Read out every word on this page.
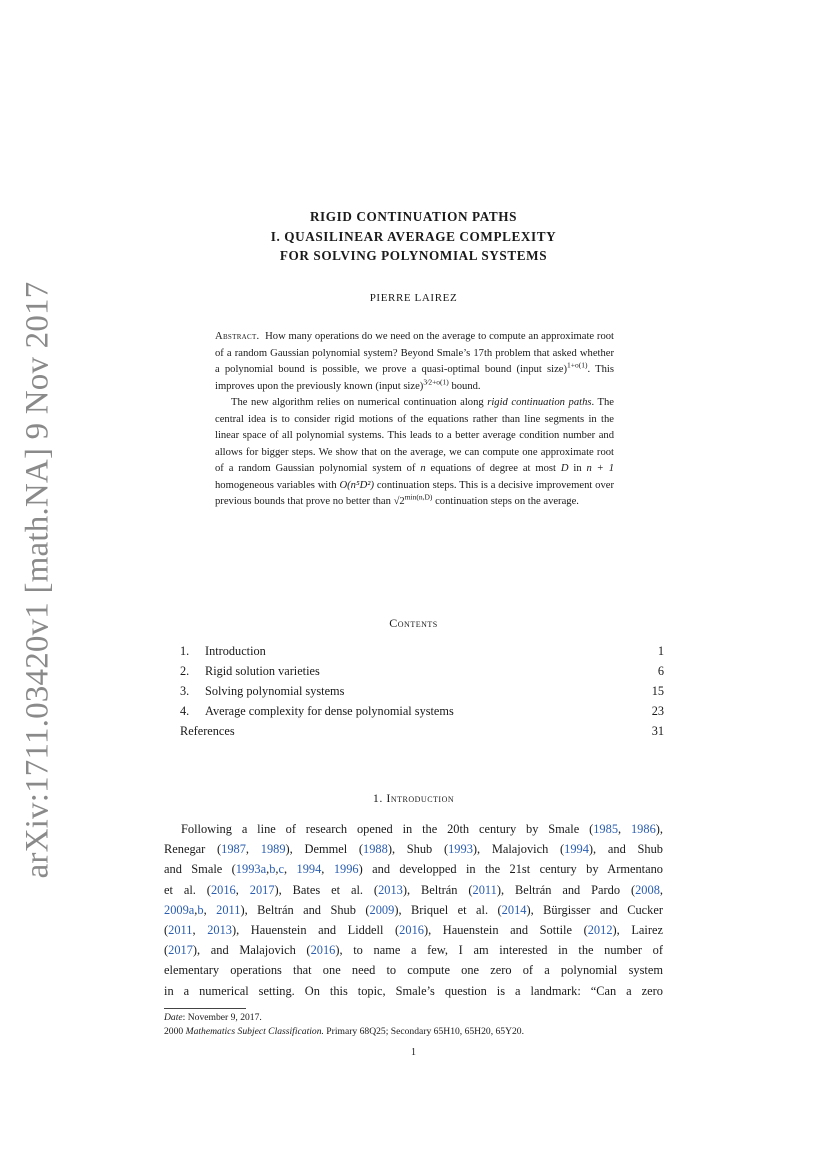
arXiv:1711.03420v1 [math.NA] 9 Nov 2017
RIGID CONTINUATION PATHS
I. QUASILINEAR AVERAGE COMPLEXITY
FOR SOLVING POLYNOMIAL SYSTEMS
PIERRE LAIREZ

Abstract. How many operations do we need on the average to compute an approximate root of a random Gaussian polynomial system? Beyond Smale’s 17th problem that asked whether a polynomial bound is possible, we prove a quasi-optimal bound (input size)$^{1+o(1)}$. This improves upon the previously known (input size)$^{3⁄2+o(1)}$ bound.

The new algorithm relies on numerical continuation along rigid continuation paths. The central idea is to consider rigid motions of the equations rather than line segments in the linear space of all polynomial systems. This leads to a better average condition number and allows for bigger steps. We show that on the average, we can compute one approximate root of a random Gaussian polynomial system of n equations of degree at most D in n + 1 homogeneous variables with O(n⁵D²) continuation steps. This is a decisive improvement over previous bounds that prove no better than $√2^{min(n,D)}$ continuation steps on the average.

Contents
1.	Introduction	1
2.	Rigid solution varieties	6
3.	Solving polynomial systems	15
4.	Average complexity for dense polynomial systems	23
References	31
1. Introduction
Following a line of research opened in the 20th century by Smale (1985, 1986),
Renegar (1987, 1989), Demmel (1988), Shub (1993), Malajovich (1994), and Shub
and Smale (1993a,b,c, 1994, 1996) and developped in the 21st century by Armentano
et al. (2016, 2017), Bates et al. (2013), Beltrán (2011), Beltrán and Pardo (2008,
2009a,b, 2011), Beltrán and Shub (2009), Briquel et al. (2014), Bürgisser and Cucker
(2011, 2013), Hauenstein and Liddell (2016), Hauenstein and Sottile (2012), Lairez
(2017), and Malajovich (2016), to name a few, I am interested in the number of
elementary operations that one need to compute one zero of a polynomial system
in a numerical setting. On this topic, Smale’s question is a landmark: “Can a zero
Date: November 9, 2017.
2000 Mathematics Subject Classification. Primary 68Q25; Secondary 65H10, 65H20, 65Y20.
1
